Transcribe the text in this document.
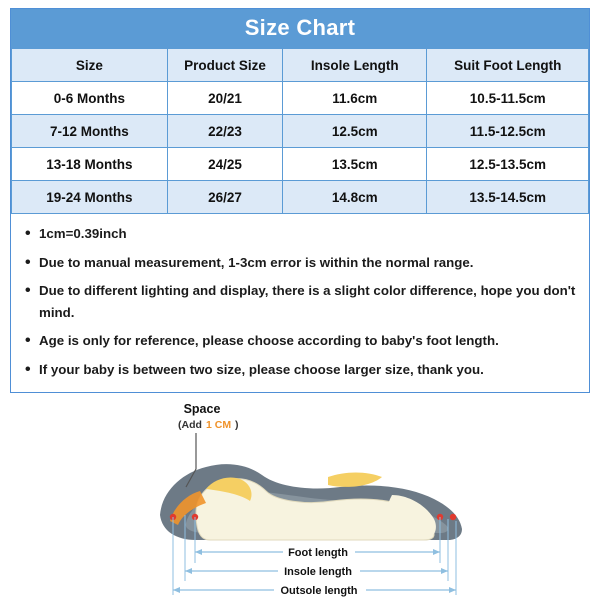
Size Chart
Size	Product Size	Insole Length	Suit Foot Length
0-6 Months	20/21	11.6cm	10.5-11.5cm
7-12 Months	22/23	12.5cm	11.5-12.5cm
13-18 Months	24/25	13.5cm	12.5-13.5cm
19-24 Months	26/27	14.8cm	13.5-14.5cm
• 1cm=0.39inch
• Due to manual measurement, 1-3cm error is within the normal range.
• Due to different lighting and display, there is a slight color difference, hope you don't mind.
• Age is only for reference, please choose according to baby's foot length.
• If your baby is between two size, please choose larger size, thank you.
Space
(Add 1 CM )
Foot length
Insole length
Outsole length
